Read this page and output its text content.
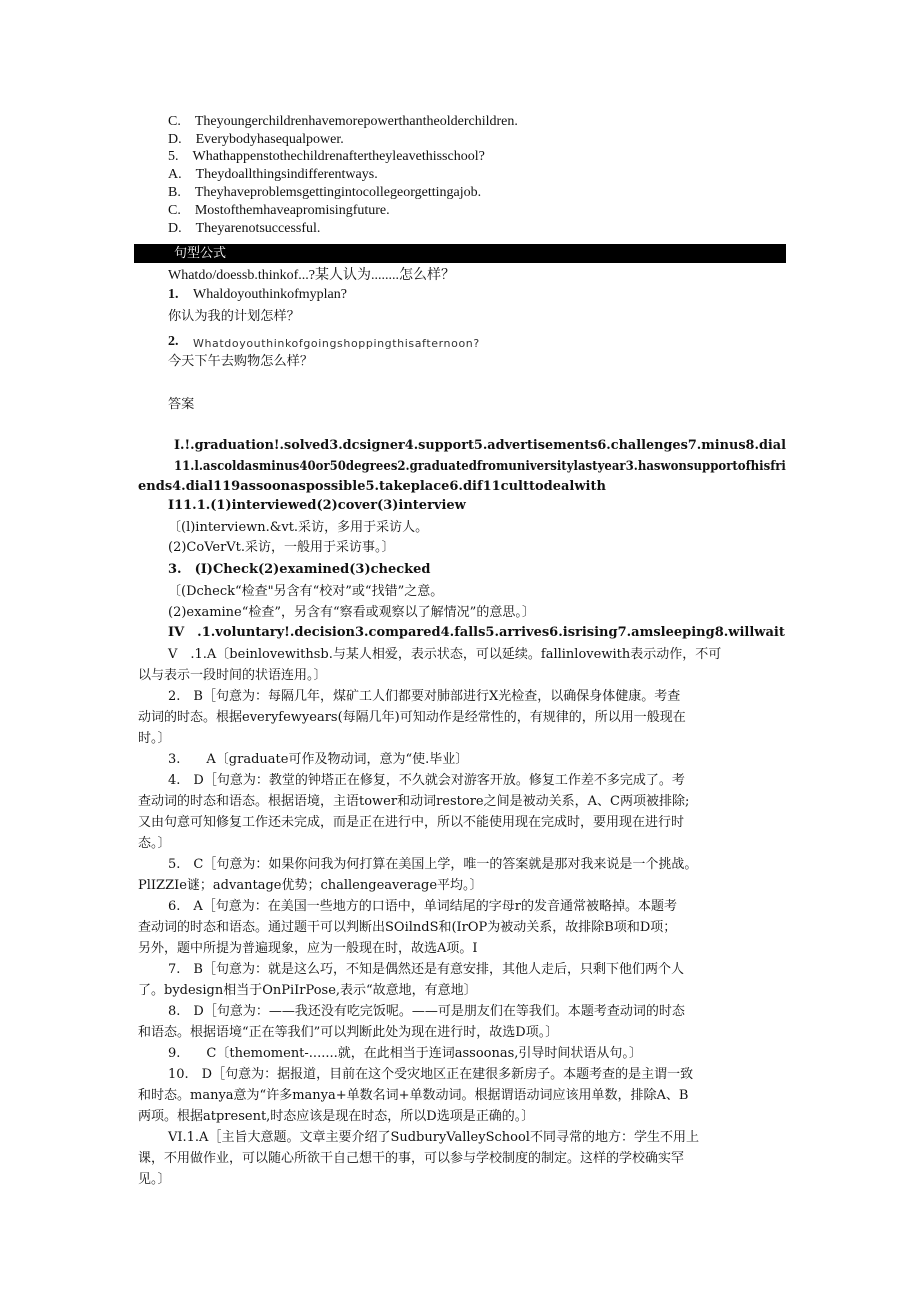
C. Theyoungerchildrenhavemorepowerthantheolderchildren.
D. Everybodyhasequalpower.
5. Whathappenstothechildrenaftertheyleavethisschool?
A. Theydoallthingsindifferentways.
B. Theyhaveproblemsgettingintocollegeorgettingajob.
C. Mostofthemhaveapromisingfuture.
D. Theyarenotsuccessful.
句型公式
Whatdo/doessb.thinkof...?某人认为........怎么样？
1. Whaldoyouthinkofmyplan?
你认为我的计划怎样？
2. Whatdoyouthinkofgoingshoppingthisafternoon?
今天下午去购物怎么样？
答案
I.!.graduation!.solved3.dcsigner4.support5.advertisements6.challenges7.minus8.dial
11.l.ascoldasminus40or50degrees2.graduatedfromuniversitylastyear3.haswonsupportofhisfri
ends4.dial119assoonaspossible5.takeplace6.dif11culttodealwith
I11.1.(1)interviewed(2)cover(3)interview
〔(l)interviewn.&vt.采访，多用于采访人。
(2)CoVerVt.采访，一般用于采访事。〕
3. (I)Check(2)examined(3)checked
〔(Dcheck“检查"另含有“校对”或“找错”之意。
(2)examine“检查”，另含有“察看或观察以了解情况”的意思。〕
IV .1.voluntary!.decision3.compared4.falls5.arrives6.isrising7.amsleeping8.willwait
V .1.A〔beinlovewithsb.与某人相爱，表示状态，可以延续。fallinlovewith表示动作，不可
以与表示一段时间的状语连用。〕
2. B［句意为：每隔几年，煤矿工人们都要对肺部进行X光检查，以确保身体健康。考查
动词的时态。根据everyfewyears(每隔几年)可知动作是经常性的，有规律的，所以用一般现在
时。〕
3.  A〔graduate可作及物动词，意为“使.毕业〕
4. D［句意为：教堂的钟塔正在修复，不久就会对游客开放。修复工作差不多完成了。考
查动词的时态和语态。根据语境，主语tower和动词restore之间是被动关系，A、C两项被排除;
又由句意可知修复工作还未完成，而是正在进行中，所以不能使用现在完成时，要用现在进行时
态。〕
5. C［句意为：如果你问我为何打算在美国上学，唯一的答案就是那对我来说是一个挑战。
PlIZZIe谜；advantage优势；challengeaverage平均。〕
6. A［句意为：在美国一些地方的口语中，单词结尾的字母r的发音通常被略掉。本题考
查动词的时态和语态。通过题干可以判断出SOilndS和(IrOP为被动关系，故排除B项和D项；
另外，题中所提为普遍现象，应为一般现在时，故选A项。I
7. B［句意为：就是这么巧，不知是偶然还是有意安排，其他人走后，只剩下他们两个人
了。bydesign相当于OnPiIrPose,表示“故意地，有意地〕
8. D［句意为：——我还没有吃完饭呢。——可是朋友们在等我们。本题考查动词的时态
和语态。根据语境“正在等我们”可以判断此处为现在进行时，故选D项。〕
9.  C〔themoment-.......就，在此相当于连词assoonas,引导时间状语从句。〕
10. D［句意为：据报道，目前在这个受灾地区正在建很多新房子。本题考查的是主谓一致
和时态。manya意为“许多manya+单数名词+单数动词。根据谓语动词应该用单数，排除A、B
两项。根据atpresent,时态应该是现在时态，所以D选项是正确的。〕
VI.1.A［主旨大意题。文章主要介绍了SudburyValleySchool不同寻常的地方：学生不用上
课，不用做作业，可以随心所欲干自己想干的事，可以参与学校制度的制定。这样的学校确实罕
见。〕
